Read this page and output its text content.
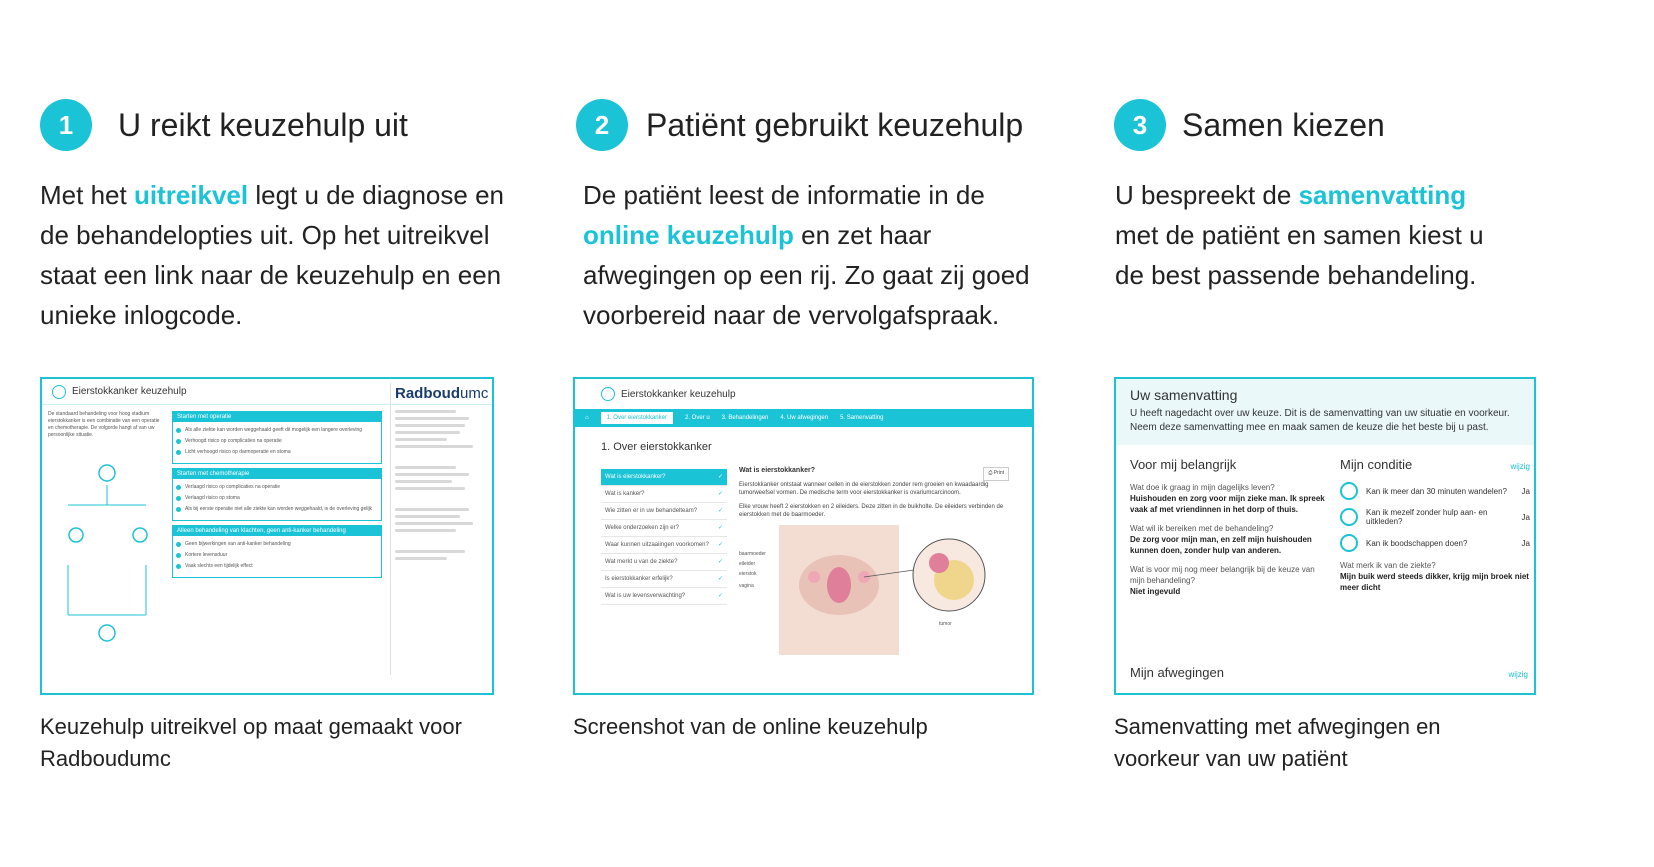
1	U reikt keuzehulp uit
Met het uitreikvel legt u de diagnose en de behandelopties uit. Op het uitreikvel staat een link naar de keuzehulp en een unieke inlogcode.
2	Patiënt gebruikt keuzehulp
De patiënt leest de informatie in de online keuzehulp en zet haar afwegingen op een rij. Zo gaat zij goed voorbereid naar de vervolgafspraak.
3	Samen kiezen
U bespreekt de samenvatting met de patiënt en samen kiest u de best passende behandeling.
Eierstokkanker keuzehulp
De standaard behandeling voor hoog stadium eierstokkanker is een combinatie van een operatie en chemotherapie. De volgorde hangt af van uw persoonlijke situatie.
Starten met operatie
Als alle ziekte kan worden weggehaald geeft dit mogelijk een langere overleving
Verhoogd risico op complicaties na operatie
Licht verhoogd risico op darmoperatie en stoma
Starten met chemotherapie
Verlaagd risico op complicaties na operatie
Verlaagd risico op stoma
Als bij eerste operatie niet alle ziekte kan worden weggehaald, is de overleving gelijk
Alleen behandeling van klachten, geen anti-kanker behandeling
Geen bijwerkingen van anti-kanker behandeling
Kortere levensduur
Vaak slechts een tijdelijk effect
Radboudumc	Eierstokkanker keuzehulp
⌂	1. Over eierstokkanker	2. Over u 3. Behandelingen 4. Uw afwegingen 5. Samenvatting
1. Over eierstokkanker
Wat is eierstokkanker? ✓
Wat is kanker? ✓
Wie zitten er in uw behandelteam? ✓
Welke onderzoeken zijn er? ✓
Waar kunnen uitzaaiingen voorkomen? ✓
Wat merkt u van de ziekte? ✓
Is eierstokkanker erfelijk? ✓
Wat is uw levensverwachting? ✓
Wat is eierstokkanker?	⎙ Print

Eierstokkanker ontstaat wanneer cellen in de eierstokken zonder rem groeien en kwaadaardig tumorweefsel vormen. De medische term voor eierstokkanker is ovariumcarcinoom.

Elke vrouw heeft 2 eierstokken en 2 eileiders. Deze zitten in de buikholte. De eileiders verbinden de eierstokken met de baarmoeder.

baarmoeder
eileider
eierstok
vagina
tumor
Uw samenvatting
U heeft nagedacht over uw keuze. Dit is de samenvatting van uw situatie en voorkeur. Neem deze samenvatting mee en maak samen de keuze die het beste bij u past.
Voor mij belangrijk
Wat doe ik graag in mijn dagelijks leven?
Huishouden en zorg voor mijn zieke man. Ik spreek vaak af met vriendinnen in het dorp of thuis.
Wat wil ik bereiken met de behandeling?
De zorg voor mijn man, en zelf mijn huishouden kunnen doen, zonder hulp van anderen.
Wat is voor mij nog meer belangrijk bij de keuze van mijn behandeling?
Niet ingevuld
Mijn conditie	wijzig
Kan ik meer dan 30 minuten wandelen?	Ja
Kan ik mezelf zonder hulp aan- en uitkleden?	Ja
Kan ik boodschappen doen?	Ja
Wat merk ik van de ziekte?
Mijn buik werd steeds dikker, krijg mijn broek niet meer dicht
Mijn afwegingen	wijzig
Keuzehulp uitreikvel op maat gemaakt voor Radboudumc
Screenshot van de online keuzehulp	Samenvatting met afwegingen en voorkeur van uw patiënt
